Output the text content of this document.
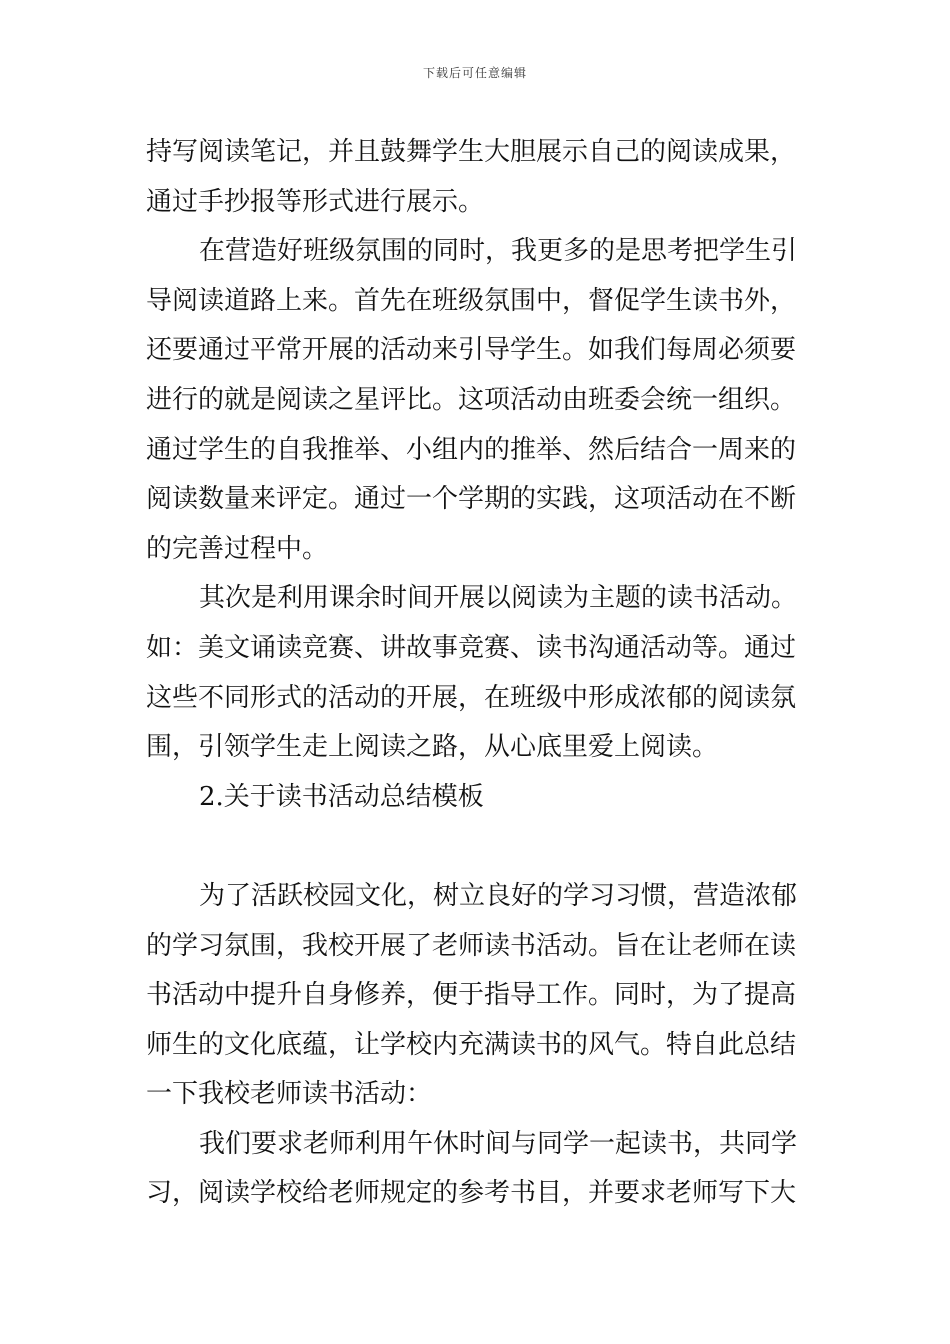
下载后可任意编辑
持写阅读笔记，并且鼓舞学生大胆展示自己的阅读成果，
通过手抄报等形式进行展示。
在营造好班级氛围的同时，我更多的是思考把学生引
导阅读道路上来。首先在班级氛围中，督促学生读书外，
还要通过平常开展的活动来引导学生。如我们每周必须要
进行的就是阅读之星评比。这项活动由班委会统一组织。
通过学生的自我推举、小组内的推举、然后结合一周来的
阅读数量来评定。通过一个学期的实践，这项活动在不断
的完善过程中。
其次是利用课余时间开展以阅读为主题的读书活动。
如：美文诵读竞赛、讲故事竞赛、读书沟通活动等。通过
这些不同形式的活动的开展，在班级中形成浓郁的阅读氛
围，引领学生走上阅读之路，从心底里爱上阅读。
2.关于读书活动总结模板
为了活跃校园文化，树立良好的学习习惯，营造浓郁
的学习氛围，我校开展了老师读书活动。旨在让老师在读
书活动中提升自身修养，便于指导工作。同时，为了提高
师生的文化底蕴，让学校内充满读书的风气。特自此总结
一下我校老师读书活动：
我们要求老师利用午休时间与同学一起读书，共同学
习，阅读学校给老师规定的参考书目，并要求老师写下大
